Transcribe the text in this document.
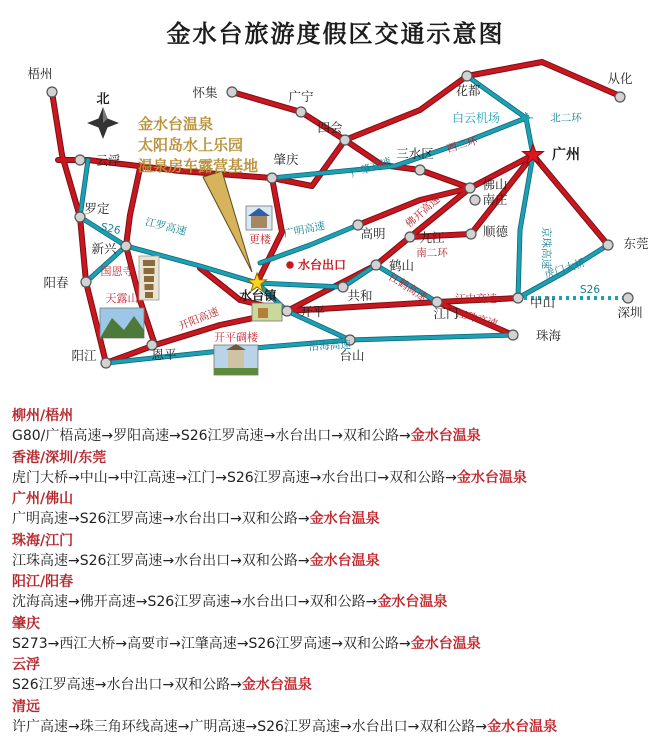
金水台旅游度假区交通示意图
北
金水台温泉
太阳岛水上乐园
温泉房车露营基地
梧州
怀集	广宁
四会
花都
从化
云浮	肇庆	三水区	广州
佛山
南庄
罗定
高明	九江	顺德
东莞
新兴
阳春
鹤山
共和
江门
中山
深圳
水台镇
开平
恩平
阳江	台山
珠海
✈
白云机场
国恩寺
天露山
更楼
开平碉楼
水台出口
广肇高速
广明高速
江罗高速
S26
开阳高速
佛开高速
江鹤高速	江中高速
江珠高速
沿海高速
京珠高速
虎门大桥
S26
西二环
北二环
南二环
柳州/梧州
G80/广梧高速→罗阳高速→S26江罗高速→水台出口→双和公路→金水台温泉
香港/深圳/东莞
虎门大桥→中山→中江高速→江门→S26江罗高速→水台出口→双和公路→金水台温泉
广州/佛山
广明高速→S26江罗高速→水台出口→双和公路→金水台温泉
珠海/江门
江珠高速→S26江罗高速→水台出口→双和公路→金水台温泉
阳江/阳春
沈海高速→佛开高速→S26江罗高速→水台出口→双和公路→金水台温泉
肇庆
S273→西江大桥→高要市→江肇高速→S26江罗高速→双和公路→金水台温泉
云浮
S26江罗高速→水台出口→双和公路→金水台温泉
清远
许广高速→珠三角环线高速→广明高速→S26江罗高速→水台出口→双和公路→金水台温泉
